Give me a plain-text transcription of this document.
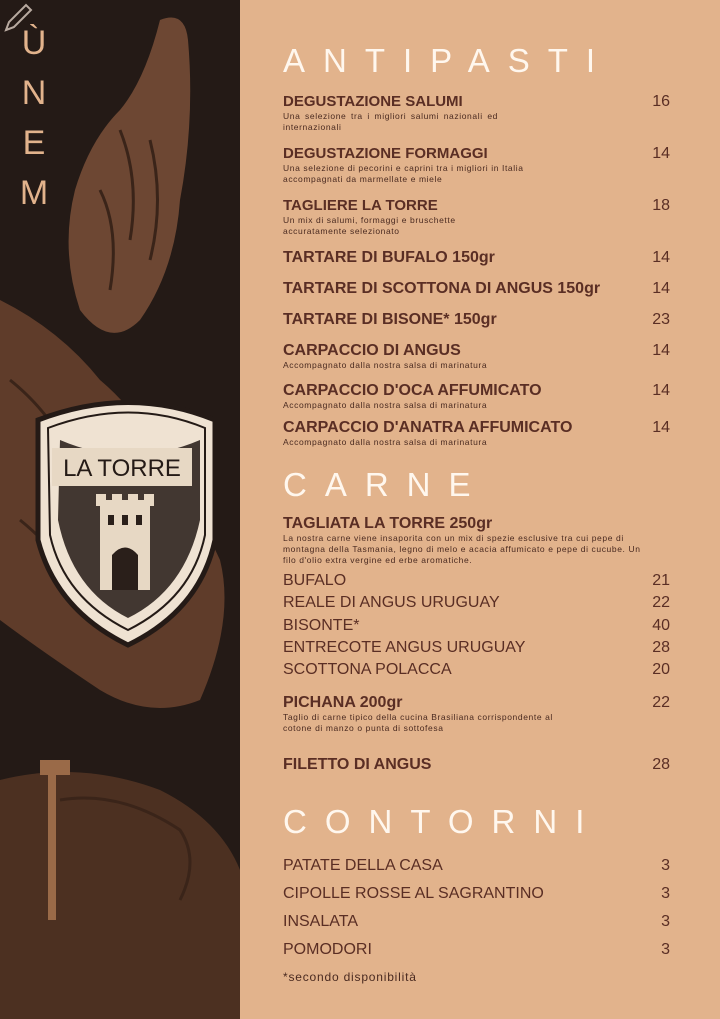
LA TORRE
Ù
N
E
M
ANTIPASTI
DEGUSTAZIONE SALUMI	16
Una selezione tra i migliori salumi nazionali ed internazionali
DEGUSTAZIONE FORMAGGI	14
Una selezione di pecorini e caprini tra i migliori in Italia accompagnati da marmellate e miele
TAGLIERE LA TORRE	18
Un mix di salumi, formaggi e bruschette accuratamente selezionato
TARTARE DI BUFALO 150gr	14
TARTARE DI SCOTTONA DI ANGUS 150gr	14
TARTARE DI BISONE* 150gr	23
CARPACCIO DI ANGUS	14
Accompagnato dalla nostra salsa di marinatura
CARPACCIO D'OCA AFFUMICATO	14
Accompagnato dalla nostra salsa di marinatura
CARPACCIO D'ANATRA AFFUMICATO	14
Accompagnato dalla nostra salsa di marinatura
CARNE
TAGLIATA LA TORRE 250gr
La nostra carne viene insaporita con un mix di spezie esclusive tra cui pepe di montagna della Tasmania, legno di melo e acacia affumicato e pepe di cucube. Un filo d'olio extra vergine ed erbe aromatiche.
BUFALO	21
REALE DI ANGUS URUGUAY	22
BISONTE*	40
ENTRECOTE ANGUS URUGUAY	28
SCOTTONA POLACCA	20
PICHANA 200gr	22
Taglio di carne tipico della cucina Brasiliana corrispondente al cotone di manzo o punta di sottofesa
FILETTO DI ANGUS	28
CONTORNI
PATATE DELLA CASA	3
CIPOLLE ROSSE AL SAGRANTINO	3
INSALATA	3
POMODORI	3
*secondo disponibilità
